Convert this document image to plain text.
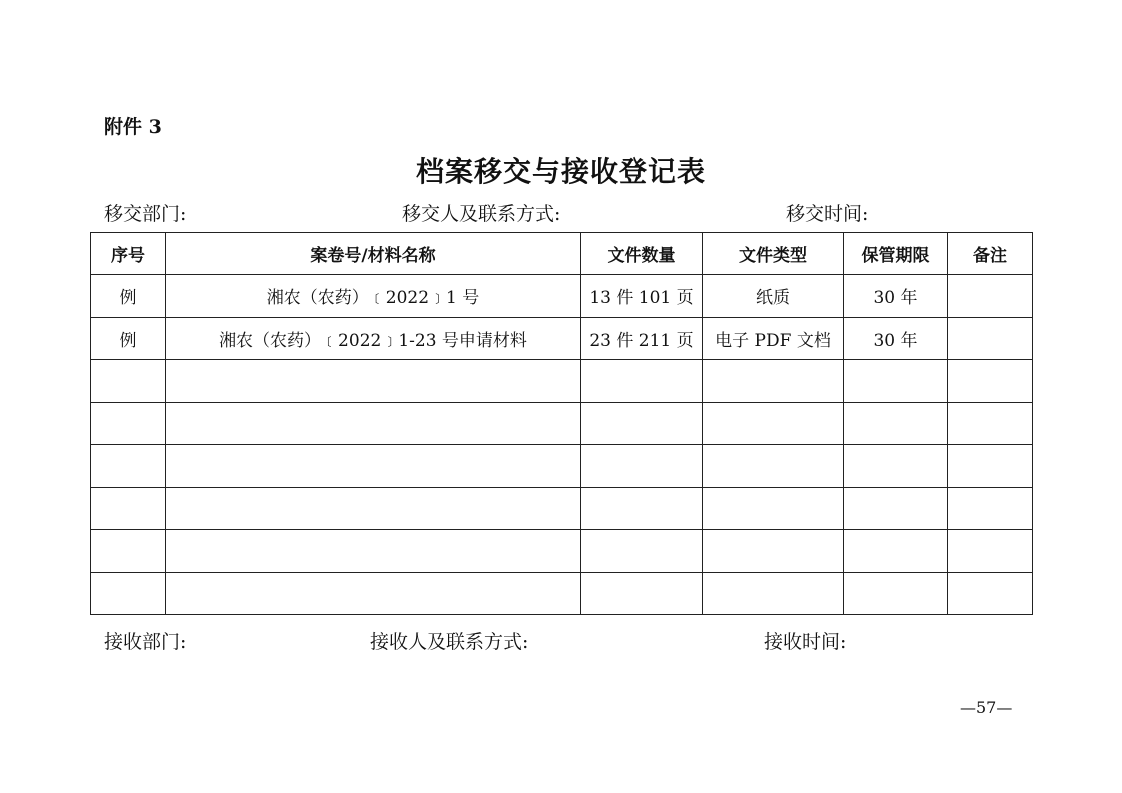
附件 3
档案移交与接收登记表
移交部门:	移交人及联系方式:	移交时间:
序号	案卷号/材料名称	文件数量	文件类型	保管期限	备注
例	湘农（农药）﹝2022﹞1 号	13 件 101 页	纸质	30 年	
例	湘农（农药）﹝2022﹞1-23 号申请材料	23 件 211 页	电子 PDF 文档	30 年	

接收部门:	接收人及联系方式:	接收时间:
—57—
